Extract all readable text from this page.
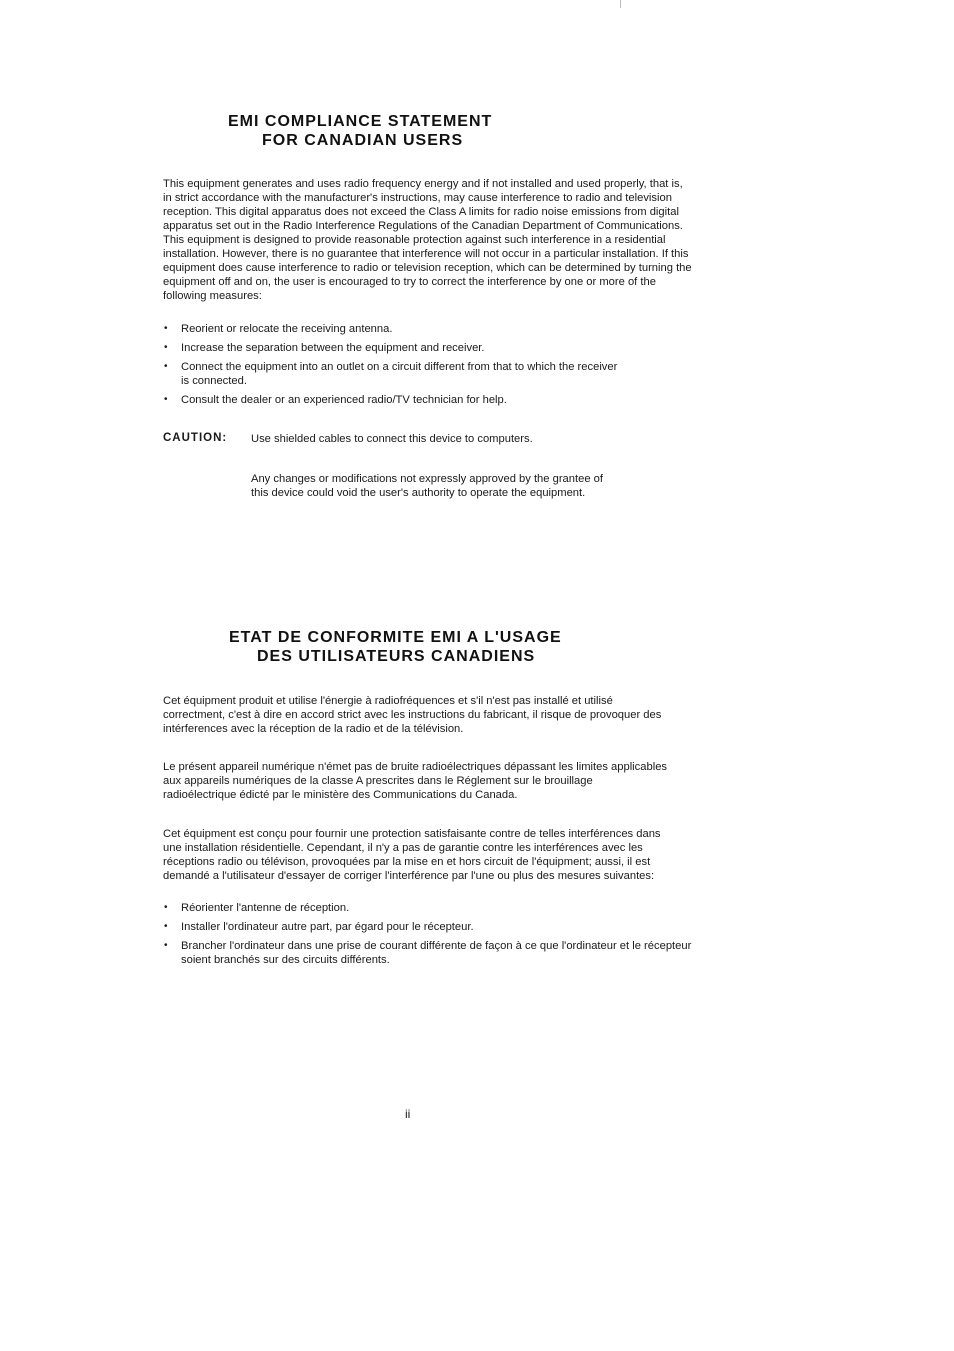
EMI COMPLIANCE STATEMENT
FOR CANADIAN USERS

This equipment generates and uses radio frequency energy and if not installed and used properly, that is, in strict accordance with the manufacturer's instructions, may cause interference to radio and television reception. This digital apparatus does not exceed the Class A limits for radio noise emissions from digital apparatus set out in the Radio Interference Regulations of the Canadian Department of Communications. This equipment is designed to provide reasonable protection against such interference in a residential installation. However, there is no guarantee that interference will not occur in a particular installation. If this equipment does cause interference to radio or television reception, which can be determined by turning the equipment off and on, the user is encouraged to try to correct the interference by one or more of the following measures:

• Reorient or relocate the receiving antenna.
• Increase the separation between the equipment and receiver.
• Connect the equipment into an outlet on a circuit different from that to which the receiver is connected.
• Consult the dealer or an experienced radio/TV technician for help.
CAUTION: Use shielded cables to connect this device to computers.

Any changes or modifications not expressly approved by the grantee of this device could void the user's authority to operate the equipment.

ETAT DE CONFORMITE EMI A L'USAGE
DES UTILISATEURS CANADIENS

Cet équipment produit et utilise l'énergie à radiofréquences et s'il n'est pas installé et utilisé correctment, c'est à dire en accord strict avec les instructions du fabricant, il risque de provoquer des intérferences avec la réception de la radio et de la télévision.

Le présent appareil numérique n'émet pas de bruite radioélectriques dépassant les limites applicables aux appareils numériques de la classe A prescrites dans le Réglement sur le brouillage radioélectrique édicté par le ministère des Communications du Canada.

Cet équipment est conçu pour fournir une protection satisfaisante contre de telles interférences dans une installation résidentielle. Cependant, il n'y a pas de garantie contre les interférences avec les réceptions radio ou télévison, provoquées par la mise en et hors circuit de l'équipment; aussi, il est demandé a l'utilisateur d'essayer de corriger l'interférence par l'une ou plus des mesures suivantes:

• Réorienter l'antenne de réception.
• Installer l'ordinateur autre part, par égard pour le récepteur.
• Brancher l'ordinateur dans une prise de courant différente de façon à ce que l'ordinateur et le récepteur soient branchés sur des circuits différents.
ii
